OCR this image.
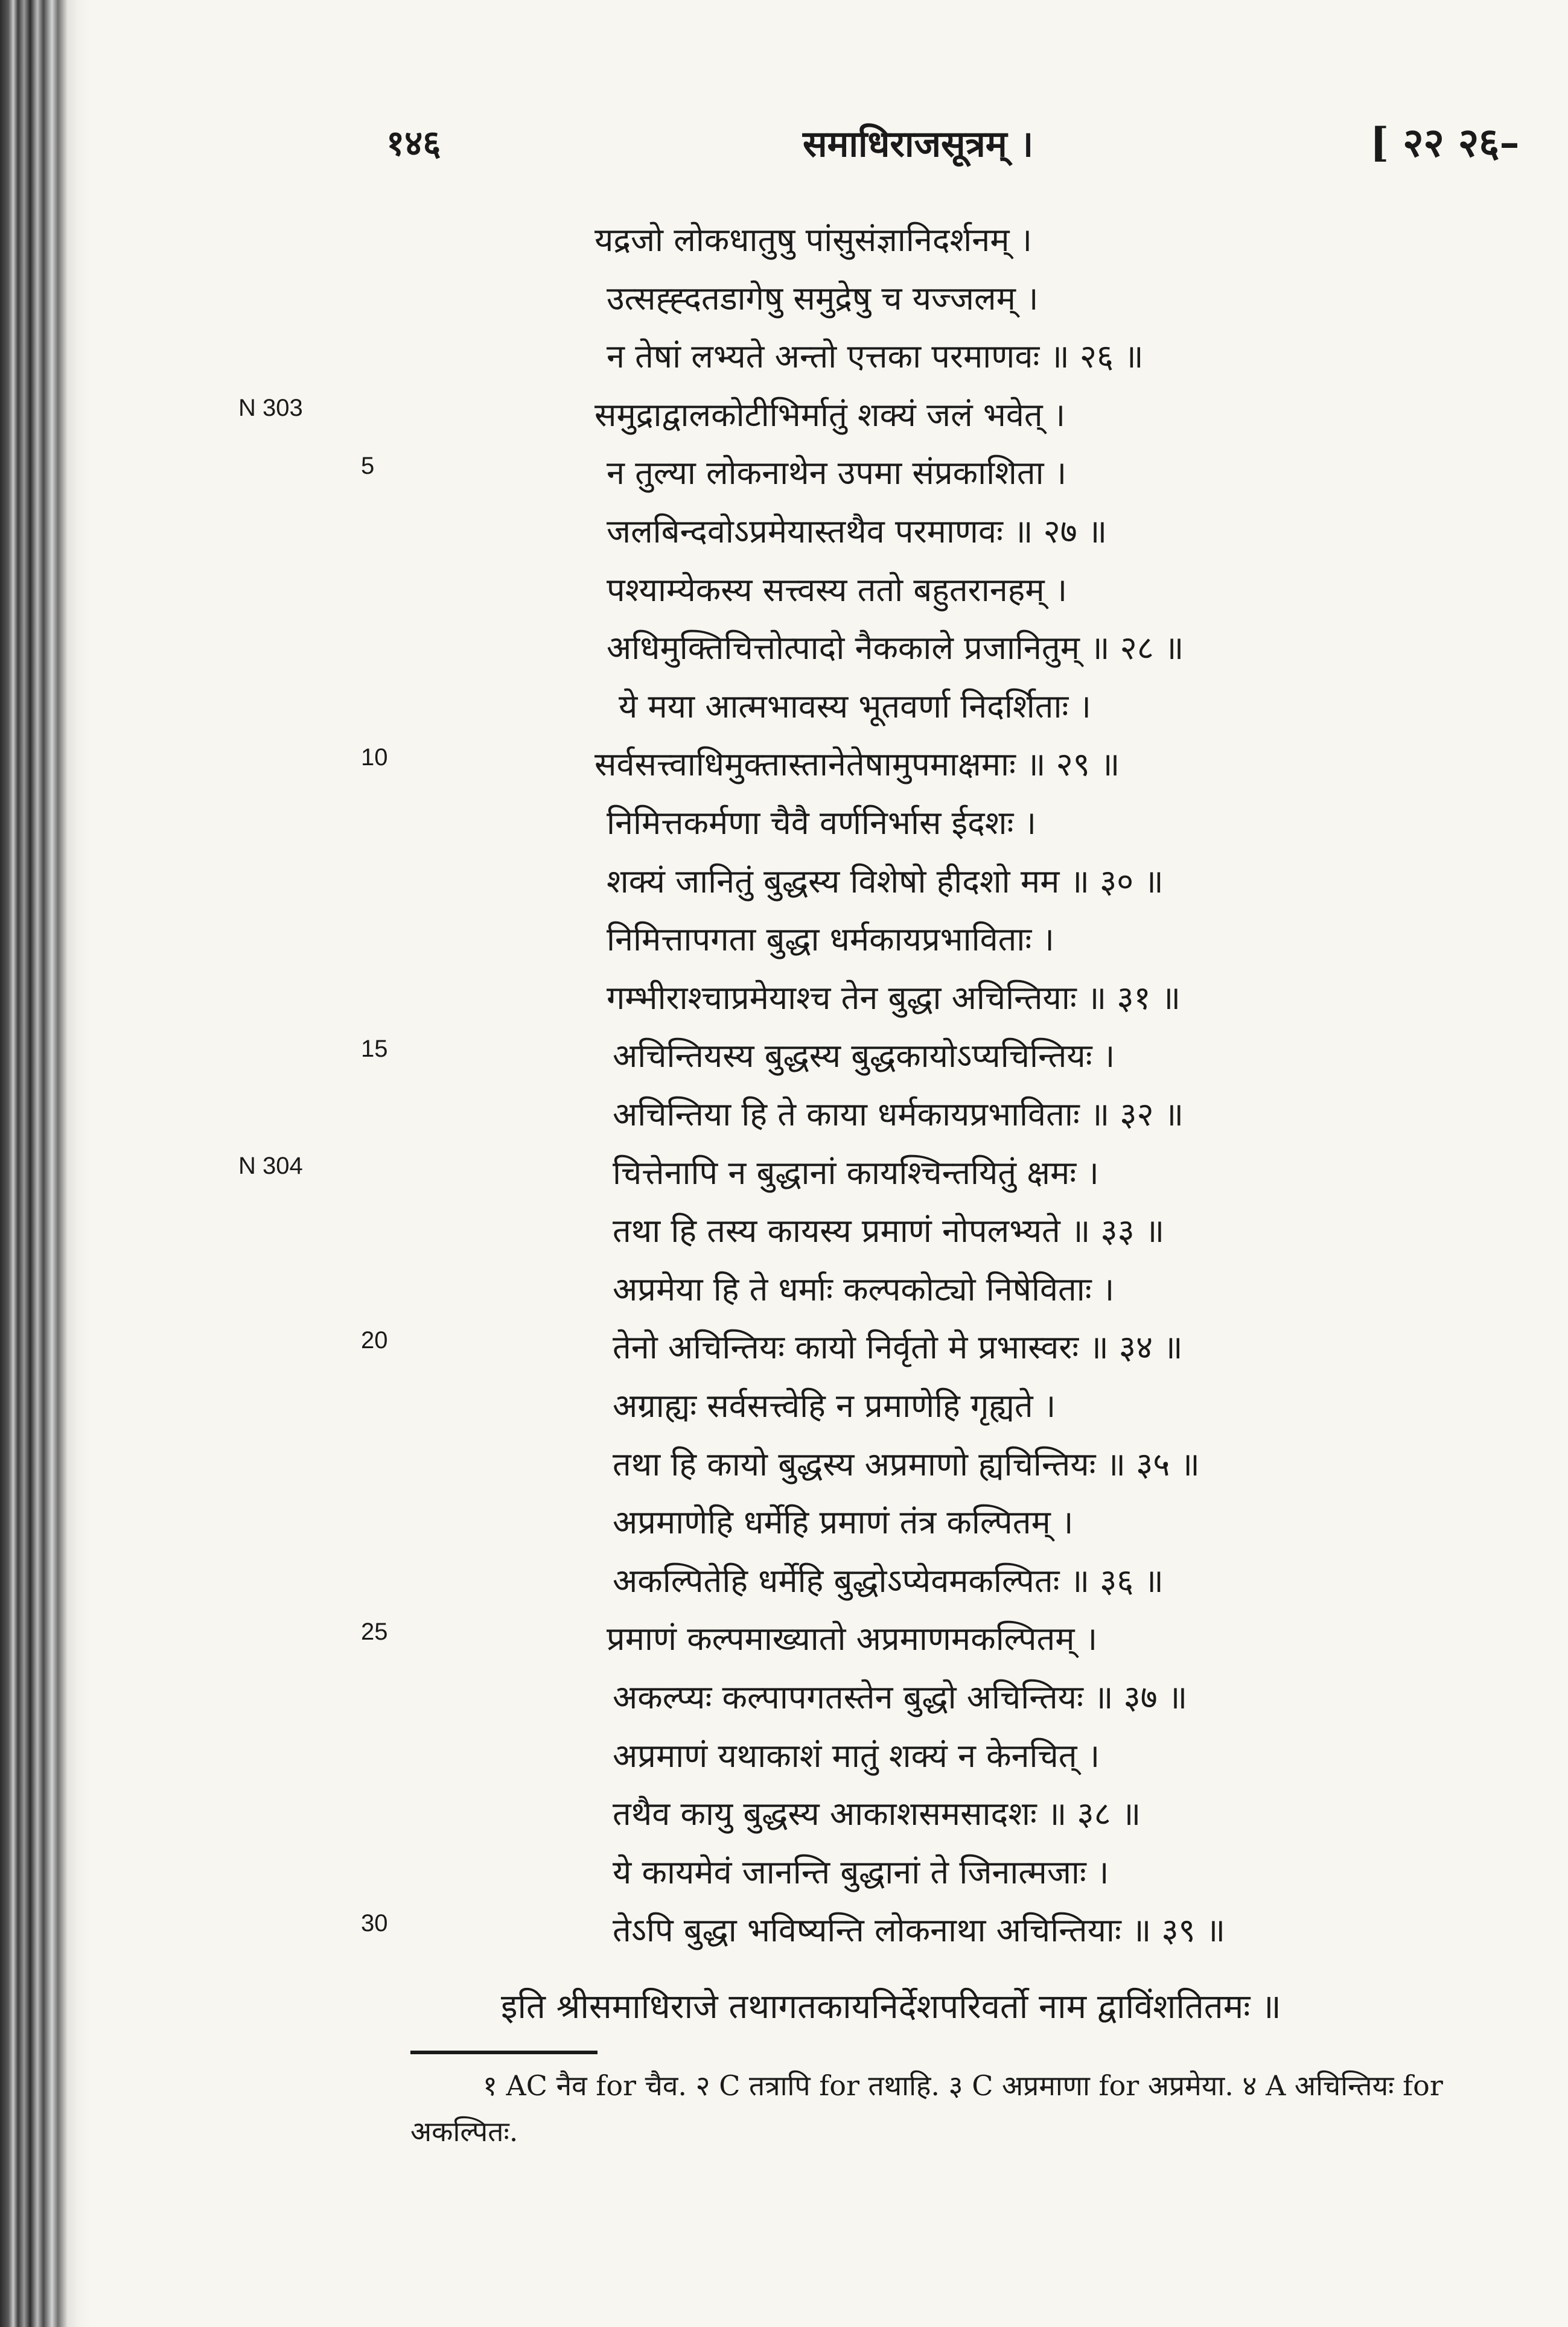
१४६	समाधिराजसूत्रम् ।	[ २२ २६–
यद्रजो लोकधातुषु पांसुसंज्ञानिदर्शनम् ।
उत्सह्ह्दतडागेषु समुद्रेषु च यज्जलम् ।
न तेषां लभ्यते अन्तो एत्तका परमाणवः ॥ २६ ॥
समुद्राद्वालकोटीभिर्मातुं शक्यं जलं भवेत् ।
N 303
न तुल्या लोकनाथेन उपमा संप्रकाशिता ।
5
जलबिन्दवोऽप्रमेयास्तथैव परमाणवः ॥ २७ ॥
पश्याम्येकस्य सत्त्वस्य ततो बहुतरानहम् ।
अधिमुक्तिचित्तोत्पादो नैककाले प्रजानितुम् ॥ २८ ॥
ये मया आत्मभावस्य भूतवर्णा निदर्शिताः ।
सर्वसत्त्वाधिमुक्तास्तानेतेषामुपमाक्षमाः ॥ २९ ॥
10
निमित्तकर्मणा चैवै वर्णनिर्भास ईदशः ।
शक्यं जानितुं बुद्धस्य विशेषो हीदशो मम ॥ ३० ॥
निमित्तापगता बुद्धा धर्मकायप्रभाविताः ।
गम्भीराश्चाप्रमेयाश्च तेन बुद्धा अचिन्तियाः ॥ ३१ ॥
अचिन्तियस्य बुद्धस्य बुद्धकायोऽप्यचिन्तियः ।
15
अचिन्तिया हि ते काया धर्मकायप्रभाविताः ॥ ३२ ॥
चित्तेनापि न बुद्धानां कायश्चिन्तयितुं क्षमः ।
N 304
तथा हि तस्य कायस्य प्रमाणं नोपलभ्यते ॥ ३३ ॥
अप्रमेया हि ते धर्माः कल्पकोट्यो निषेविताः ।
तेनो अचिन्तियः कायो निर्वृतो मे प्रभास्वरः ॥ ३४ ॥
20
अग्राह्यः सर्वसत्त्वेहि न प्रमाणेहि गृह्यते ।
तथा हि कायो बुद्धस्य अप्रमाणो ह्यचिन्तियः ॥ ३५ ॥
अप्रमाणेहि धर्मेहि प्रमाणं तंत्र कल्पितम् ।
अकल्पितेहि धर्मेहि बुद्धोऽप्येवमकल्पितः ॥ ३६ ॥
प्रमाणं कल्पमाख्यातो अप्रमाणमकल्पितम् ।
25
अकल्प्यः कल्पापगतस्तेन बुद्धो अचिन्तियः ॥ ३७ ॥
अप्रमाणं यथाकाशं मातुं शक्यं न केनचित् ।
तथैव कायु बुद्धस्य आकाशसमसादशः ॥ ३८ ॥
ये कायमेवं जानन्ति बुद्धानां ते जिनात्मजाः ।
तेऽपि बुद्धा भविष्यन्ति लोकनाथा अचिन्तियाः ॥ ३९ ॥
30
इति श्रीसमाधिराजे तथागतकायनिर्देशपरिवर्तो नाम द्वाविंशतितमः ॥
१ AC नैव for चैव. २ C तत्रापि for तथाहि. ३ C अप्रमाणा for अप्रमेया. ४ A अचिन्तियः for अकल्पितः.
